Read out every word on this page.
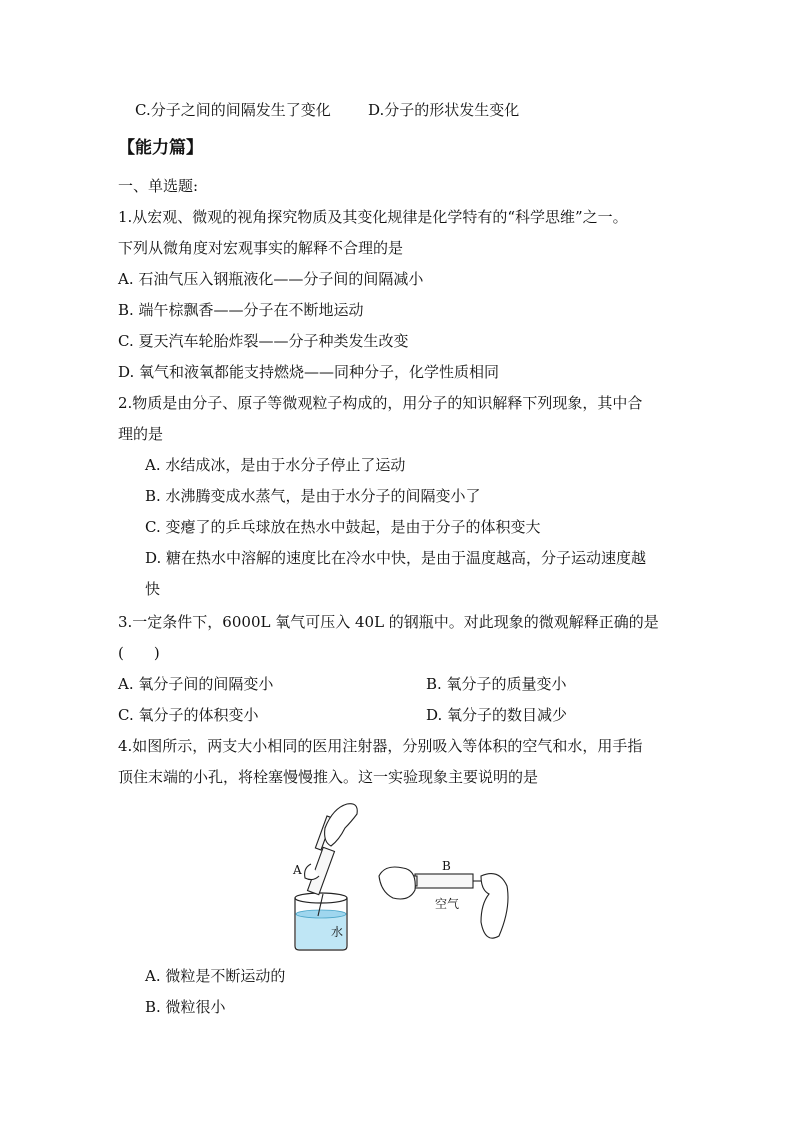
C.分子之间的间隔发生了变化 D.分子的形状发生变化
【能力篇】
一、单选题:
1.从宏观、微观的视角探究物质及其变化规律是化学特有的“科学思维”之一。
下列从微角度对宏观事实的解释不合理的是
A. 石油气压入钢瓶液化——分子间的间隔减小
B. 端午棕飘香——分子在不断地运动
C. 夏天汽车轮胎炸裂——分子种类发生改变
D. 氧气和液氧都能支持燃烧——同种分子，化学性质相同
2.物质是由分子、原子等微观粒子构成的，用分子的知识解释下列现象，其中合
理的是
A. 水结成冰，是由于水分子停止了运动
B. 水沸腾变成水蒸气，是由于水分子的间隔变小了
C. 变瘪了的乒乓球放在热水中鼓起，是由于分子的体积变大
D. 糖在热水中溶解的速度比在冷水中快，是由于温度越高，分子运动速度越
快
3.一定条件下，6000L 氧气可压入 40L 的钢瓶中。对此现象的微观解释正确的是
(　　)
A. 氧分子间的间隔变小	B. 氧分子的质量变小
C. 氧分子的体积变小	D. 氧分子的数目减少
4.如图所示，两支大小相同的医用注射器，分别吸入等体积的空气和水，用手指
顶住末端的小孔，将栓塞慢慢推入。这一实验现象主要说明的是
A	B
水
空气
A. 微粒是不断运动的
B. 微粒很小
